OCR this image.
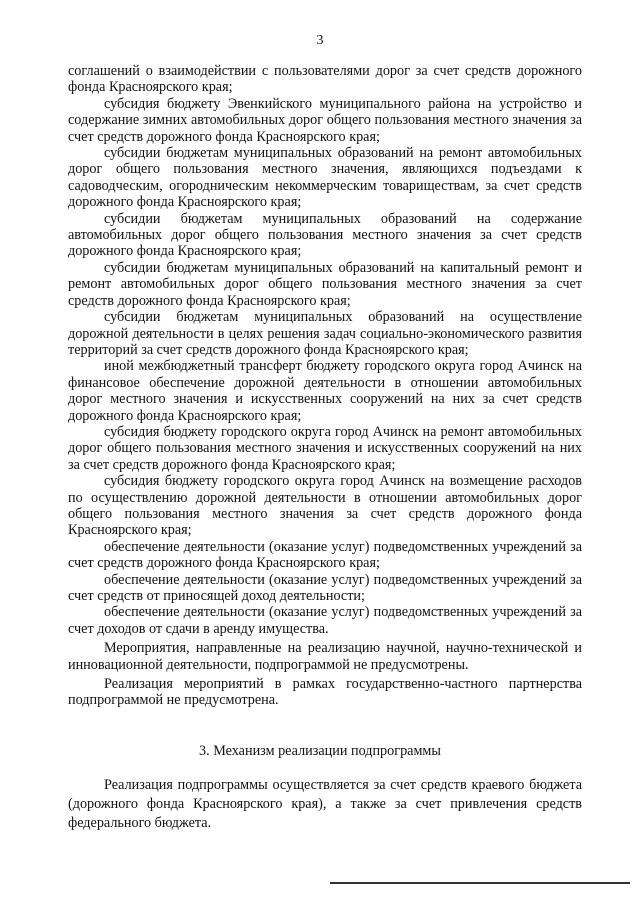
3

соглашений о взаимодействии с пользователями дорог за счет средств дорожного фонда Красноярского края;

субсидия бюджету Эвенкийского муниципального района на устройство и содержание зимних автомобильных дорог общего пользования местного значения за счет средств дорожного фонда Красноярского края;

субсидии бюджетам муниципальных образований на ремонт автомобильных дорог общего пользования местного значения, являющихся подъездами к садоводческим, огородническим некоммерческим товариществам, за счет средств дорожного фонда Красноярского края;

субсидии бюджетам муниципальных образований на содержание автомобильных дорог общего пользования местного значения за счет средств дорожного фонда Красноярского края;

субсидии бюджетам муниципальных образований на капитальный ремонт и ремонт автомобильных дорог общего пользования местного значения за счет средств дорожного фонда Красноярского края;

субсидии бюджетам муниципальных образований на осуществление дорожной деятельности в целях решения задач социально-экономического развития территорий за счет средств дорожного фонда Красноярского края;

иной межбюджетный трансферт бюджету городского округа город Ачинск на финансовое обеспечение дорожной деятельности в отношении автомобильных дорог местного значения и искусственных сооружений на них за счет средств дорожного фонда Красноярского края;

субсидия бюджету городского округа город Ачинск на ремонт автомобильных дорог общего пользования местного значения и искусственных сооружений на них за счет средств дорожного фонда Красноярского края;

субсидия бюджету городского округа город Ачинск на возмещение расходов по осуществлению дорожной деятельности в отношении автомобильных дорог общего пользования местного значения за счет средств дорожного фонда Красноярского края;

обеспечение деятельности (оказание услуг) подведомственных учреждений за счет средств дорожного фонда Красноярского края;

обеспечение деятельности (оказание услуг) подведомственных учреждений за счет средств от приносящей доход деятельности;

обеспечение деятельности (оказание услуг) подведомственных учреждений за счет доходов от сдачи в аренду имущества.

Мероприятия, направленные на реализацию научной, научно-технической и инновационной деятельности, подпрограммой не предусмотрены.

Реализация мероприятий в рамках государственно-частного партнерства подпрограммой не предусмотрена.

3. Механизм реализации подпрограммы

Реализация подпрограммы осуществляется за счет средств краевого бюджета (дорожного фонда Красноярского края), а также за счет привлечения средств федерального бюджета.
